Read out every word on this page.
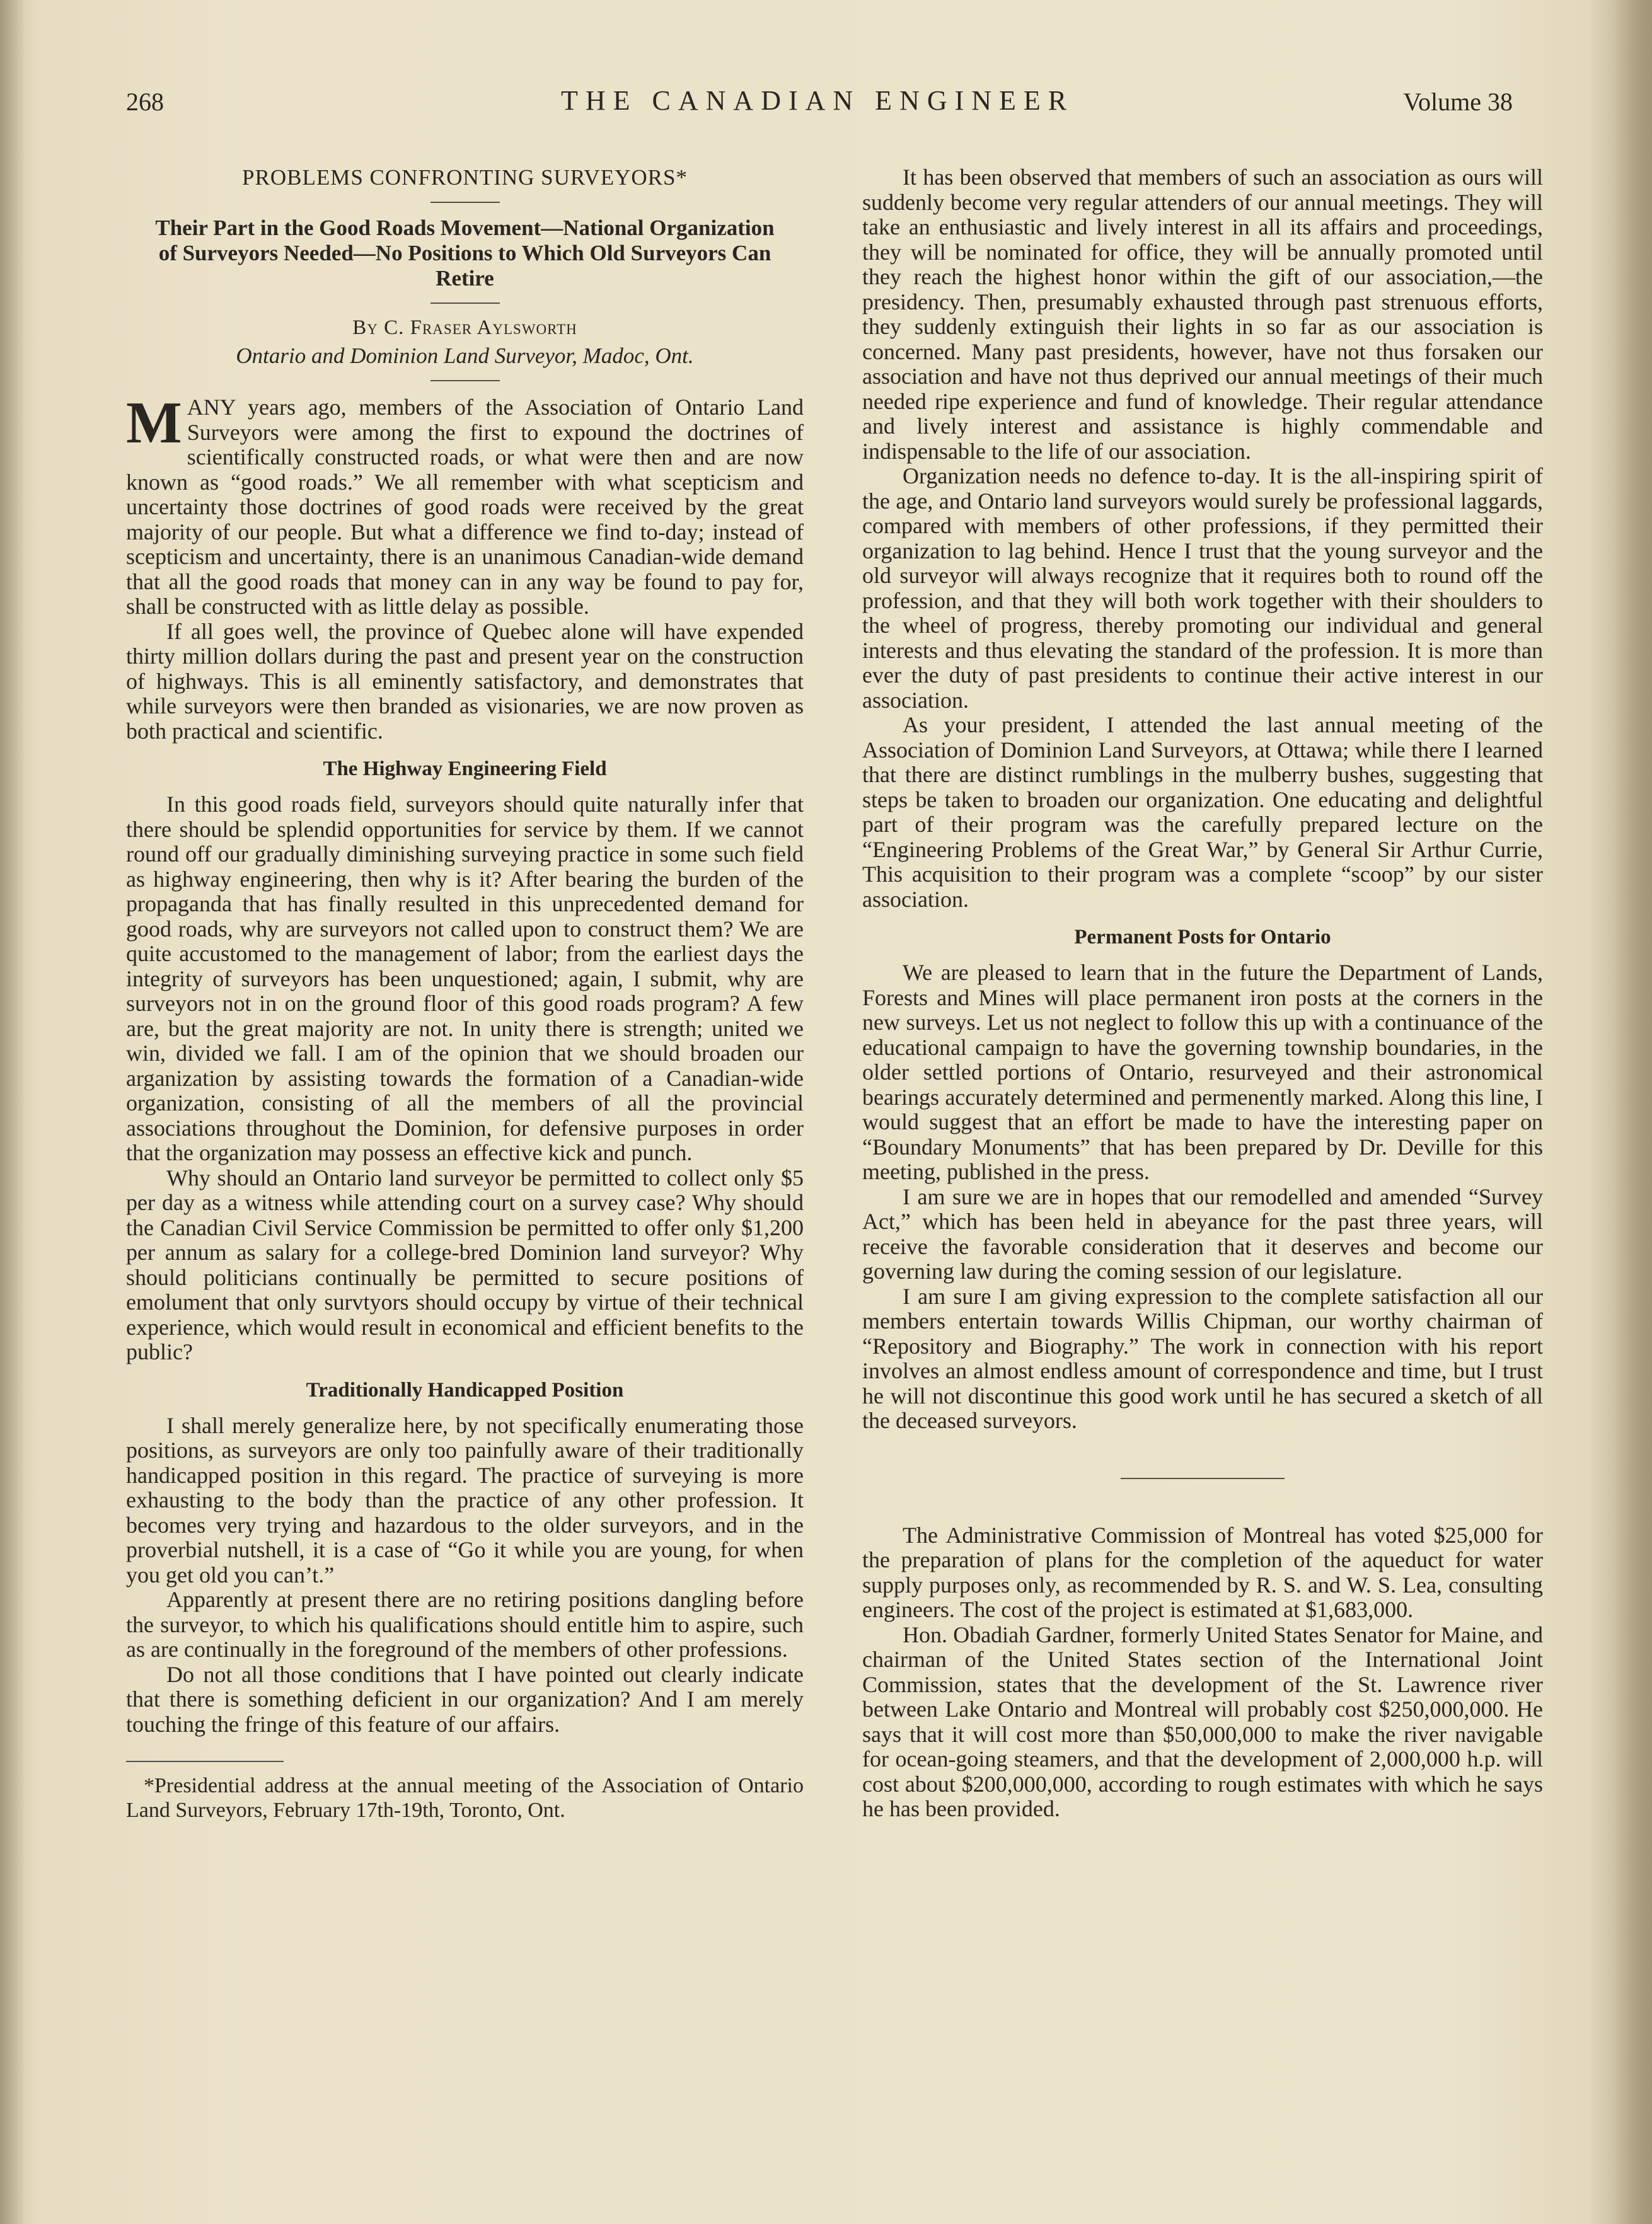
268	THE CANADIAN ENGINEER	Volume 38
PROBLEMS CONFRONTING SURVEYORS*
Their Part in the Good Roads Movement—National Organization of Surveyors Needed—No Positions to Which Old Surveyors Can Retire
By C. Fraser Aylsworth
Ontario and Dominion Land Surveyor, Madoc, Ont.

MANY years ago, members of the Association of Ontario Land Surveyors were among the first to expound the doctrines of scientifically constructed roads, or what were then and are now known as “good roads.” We all remember with what scepticism and uncertainty those doctrines of good roads were received by the great majority of our people. But what a difference we find to-day; instead of scepticism and uncertainty, there is an unanimous Canadian-wide demand that all the good roads that money can in any way be found to pay for, shall be constructed with as little delay as possible.

If all goes well, the province of Quebec alone will have expended thirty million dollars during the past and present year on the construction of highways. This is all eminently satisfactory, and demonstrates that while surveyors were then branded as visionaries, we are now proven as both practical and scientific.

The Highway Engineering Field

In this good roads field, surveyors should quite naturally infer that there should be splendid opportunities for service by them. If we cannot round off our gradually diminishing surveying practice in some such field as highway engineering, then why is it? After bearing the burden of the propaganda that has finally resulted in this unprecedented demand for good roads, why are surveyors not called upon to construct them? We are quite accustomed to the management of labor; from the earliest days the integrity of surveyors has been unquestioned; again, I submit, why are surveyors not in on the ground floor of this good roads program? A few are, but the great majority are not. In unity there is strength; united we win, divided we fall. I am of the opinion that we should broaden our arganization by assisting towards the formation of a Canadian-wide organization, consisting of all the members of all the provincial associations throughout the Dominion, for defensive purposes in order that the organization may possess an effective kick and punch.

Why should an Ontario land surveyor be permitted to collect only $5 per day as a witness while attending court on a survey case? Why should the Canadian Civil Service Commission be permitted to offer only $1,200 per annum as salary for a college-bred Dominion land surveyor? Why should politicians continually be permitted to secure positions of emolument that only survtyors should occupy by virtue of their technical experience, which would result in economical and efficient benefits to the public?

Traditionally Handicapped Position

I shall merely generalize here, by not specifically enumerating those positions, as surveyors are only too painfully aware of their traditionally handicapped position in this regard. The practice of surveying is more exhausting to the body than the practice of any other profession. It becomes very trying and hazardous to the older surveyors, and in the proverbial nutshell, it is a case of “Go it while you are young, for when you get old you can’t.”

Apparently at present there are no retiring positions dangling before the surveyor, to which his qualifications should entitle him to aspire, such as are continually in the foreground of the members of other professions.

Do not all those conditions that I have pointed out clearly indicate that there is something deficient in our organization? And I am merely touching the fringe of this feature of our affairs.

*Presidential address at the annual meeting of the Association of Ontario Land Surveyors, February 17th-19th, Toronto, Ont.

It has been observed that members of such an association as ours will suddenly become very regular attenders of our annual meetings. They will take an enthusiastic and lively interest in all its affairs and proceedings, they will be nominated for office, they will be annually promoted until they reach the highest honor within the gift of our association,—the presidency. Then, presumably exhausted through past strenuous efforts, they suddenly extinguish their lights in so far as our association is concerned. Many past presidents, however, have not thus forsaken our association and have not thus deprived our annual meetings of their much needed ripe experience and fund of knowledge. Their regular attendance and lively interest and assistance is highly commendable and indispensable to the life of our association.

Organization needs no defence to-day. It is the all-inspiring spirit of the age, and Ontario land surveyors would surely be professional laggards, compared with members of other professions, if they permitted their organization to lag behind. Hence I trust that the young surveyor and the old surveyor will always recognize that it requires both to round off the profession, and that they will both work together with their shoulders to the wheel of progress, thereby promoting our individual and general interests and thus elevating the standard of the profession. It is more than ever the duty of past presidents to continue their active interest in our association.

As your president, I attended the last annual meeting of the Association of Dominion Land Surveyors, at Ottawa; while there I learned that there are distinct rumblings in the mulberry bushes, suggesting that steps be taken to broaden our organization. One educating and delightful part of their program was the carefully prepared lecture on the “Engineering Problems of the Great War,” by General Sir Arthur Currie, This acquisition to their program was a complete “scoop” by our sister association.

Permanent Posts for Ontario

We are pleased to learn that in the future the Department of Lands, Forests and Mines will place permanent iron posts at the corners in the new surveys. Let us not neglect to follow this up with a continuance of the educational campaign to have the governing township boundaries, in the older settled portions of Ontario, resurveyed and their astronomical bearings accurately determined and permenently marked. Along this line, I would suggest that an effort be made to have the interesting paper on “Boundary Monuments” that has been prepared by Dr. Deville for this meeting, published in the press.

I am sure we are in hopes that our remodelled and amended “Survey Act,” which has been held in abeyance for the past three years, will receive the favorable consideration that it deserves and become our governing law during the coming session of our legislature.

I am sure I am giving expression to the complete satisfaction all our members entertain towards Willis Chipman, our worthy chairman of “Repository and Biography.” The work in connection with his report involves an almost endless amount of correspondence and time, but I trust he will not discontinue this good work until he has secured a sketch of all the deceased surveyors.

The Administrative Commission of Montreal has voted $25,000 for the preparation of plans for the completion of the aqueduct for water supply purposes only, as recommended by R. S. and W. S. Lea, consulting engineers. The cost of the project is estimated at $1,683,000.

Hon. Obadiah Gardner, formerly United States Senator for Maine, and chairman of the United States section of the International Joint Commission, states that the development of the St. Lawrence river between Lake Ontario and Montreal will probably cost $250,000,000. He says that it will cost more than $50,000,000 to make the river navigable for ocean-going steamers, and that the development of 2,000,000 h.p. will cost about $200,000,000, according to rough estimates with which he says he has been provided.
